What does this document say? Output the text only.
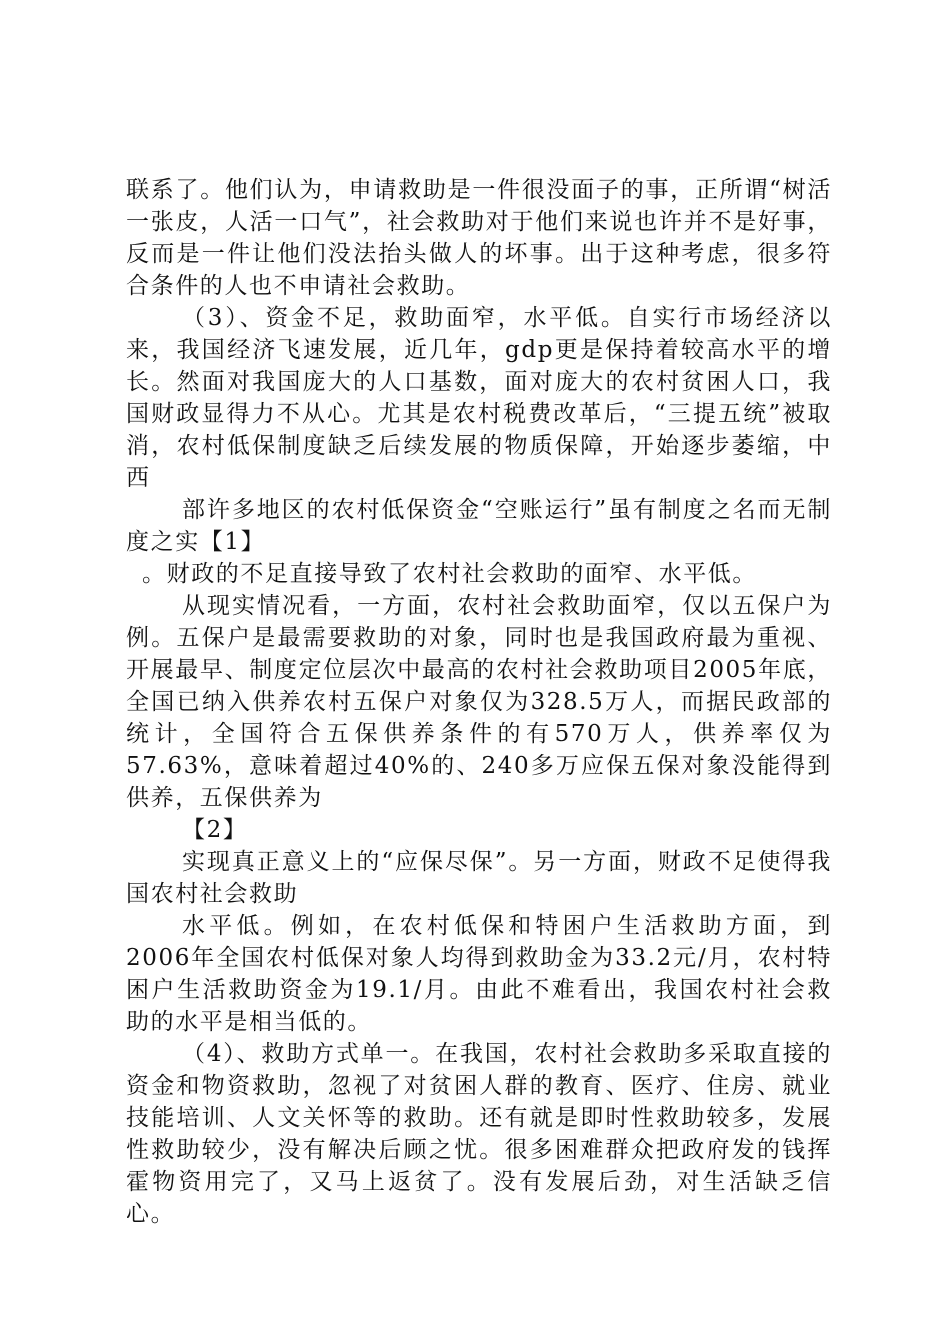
联系了。他们认为，申请救助是一件很没面子的事，正所谓“树活一张皮，人活一口气”，社会救助对于他们来说也许并不是好事，反而是一件让他们没法抬头做人的坏事。出于这种考虑，很多符合条件的人也不申请社会救助。

（3）、资金不足，救助面窄，水平低。自实行市场经济以来，我国经济飞速发展，近几年，gdp更是保持着较高水平的增长。然面对我国庞大的人口基数，面对庞大的农村贫困人口，我国财政显得力不从心。尤其是农村税费改革后，“三提五统”被取消，农村低保制度缺乏后续发展的物质保障，开始逐步萎缩，中西

部许多地区的农村低保资金“空账运行”虽有制度之名而无制度之实【1】

。财政的不足直接导致了农村社会救助的面窄、水平低。

从现实情况看，一方面，农村社会救助面窄，仅以五保户为例。五保户是最需要救助的对象，同时也是我国政府最为重视、开展最早、制度定位层次中最高的农村社会救助项目2005年底，全国已纳入供养农村五保户对象仅为328.5万人，而据民政部的统计，全国符合五保供养条件的有570万人，供养率仅为57.63%，意味着超过40%的、240多万应保五保对象没能得到供养，五保供养为

【2】

实现真正意义上的“应保尽保”。另一方面，财政不足使得我国农村社会救助

水平低。例如，在农村低保和特困户生活救助方面，到2006年全国农村低保对象人均得到救助金为33.2元/月，农村特困户生活救助资金为19.1/月。由此不难看出，我国农村社会救助的水平是相当低的。

（4）、救助方式单一。在我国，农村社会救助多采取直接的资金和物资救助，忽视了对贫困人群的教育、医疗、住房、就业技能培训、人文关怀等的救助。还有就是即时性救助较多，发展性救助较少，没有解决后顾之忧。很多困难群众把政府发的钱挥霍物资用完了，又马上返贫了。没有发展后劲，对生活缺乏信心。
